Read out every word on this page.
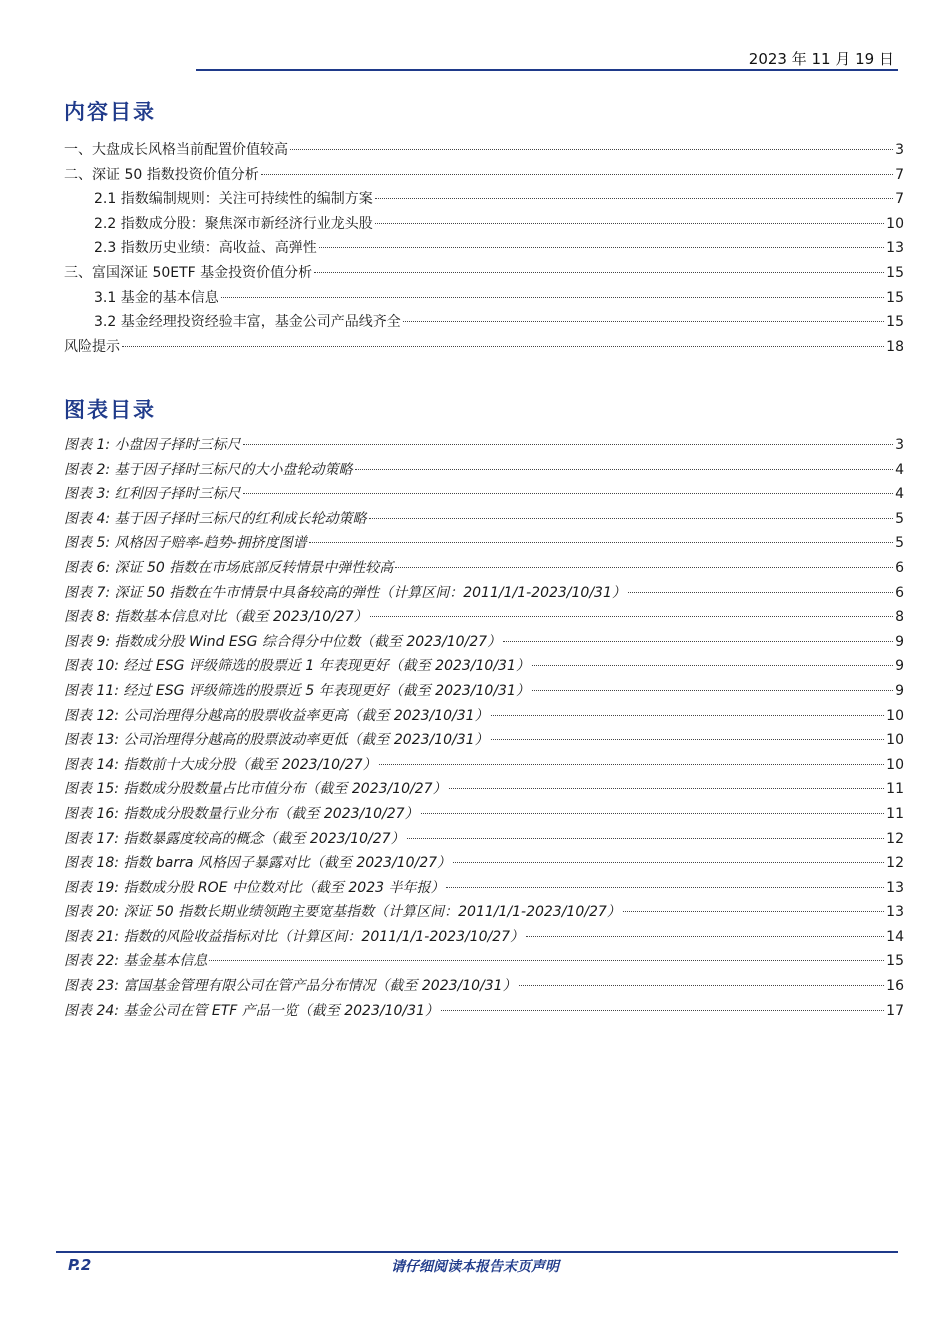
2023 年 11 月 19 日
内容目录
一、大盘成长风格当前配置价值较高	3
二、深证 50 指数投资价值分析	7
2.1 指数编制规则：关注可持续性的编制方案	7
2.2 指数成分股：聚焦深市新经济行业龙头股	10
2.3 指数历史业绩：高收益、高弹性	13
三、富国深证 50ETF 基金投资价值分析	15
3.1 基金的基本信息	15
3.2 基金经理投资经验丰富，基金公司产品线齐全	15
风险提示	18
图表目录
图表 1: 小盘因子择时三标尺	3
图表 2: 基于因子择时三标尺的大小盘轮动策略	4
图表 3: 红利因子择时三标尺	4
图表 4: 基于因子择时三标尺的红利成长轮动策略	5
图表 5: 风格因子赔率-趋势-拥挤度图谱	5
图表 6: 深证 50 指数在市场底部反转情景中弹性较高	6
图表 7: 深证 50 指数在牛市情景中具备较高的弹性（计算区间：2011/1/1-2023/10/31）	6
图表 8: 指数基本信息对比（截至 2023/10/27）	8
图表 9: 指数成分股 Wind ESG 综合得分中位数（截至 2023/10/27）	9
图表 10: 经过 ESG 评级筛选的股票近 1 年表现更好（截至 2023/10/31）	9
图表 11: 经过 ESG 评级筛选的股票近 5 年表现更好（截至 2023/10/31）	9
图表 12: 公司治理得分越高的股票收益率更高（截至 2023/10/31）	10
图表 13: 公司治理得分越高的股票波动率更低（截至 2023/10/31）	10
图表 14: 指数前十大成分股（截至 2023/10/27）	10
图表 15: 指数成分股数量占比市值分布（截至 2023/10/27）	11
图表 16: 指数成分股数量行业分布（截至 2023/10/27）	11
图表 17: 指数暴露度较高的概念（截至 2023/10/27）	12
图表 18: 指数 barra 风格因子暴露对比（截至 2023/10/27）	12
图表 19: 指数成分股 ROE 中位数对比（截至 2023 半年报）	13
图表 20: 深证 50 指数长期业绩领跑主要宽基指数（计算区间：2011/1/1-2023/10/27）	13
图表 21: 指数的风险收益指标对比（计算区间：2011/1/1-2023/10/27）	14
图表 22: 基金基本信息	15
图表 23: 富国基金管理有限公司在管产品分布情况（截至 2023/10/31）	16
图表 24: 基金公司在管 ETF 产品一览（截至 2023/10/31）	17
P.2	请仔细阅读本报告末页声明
